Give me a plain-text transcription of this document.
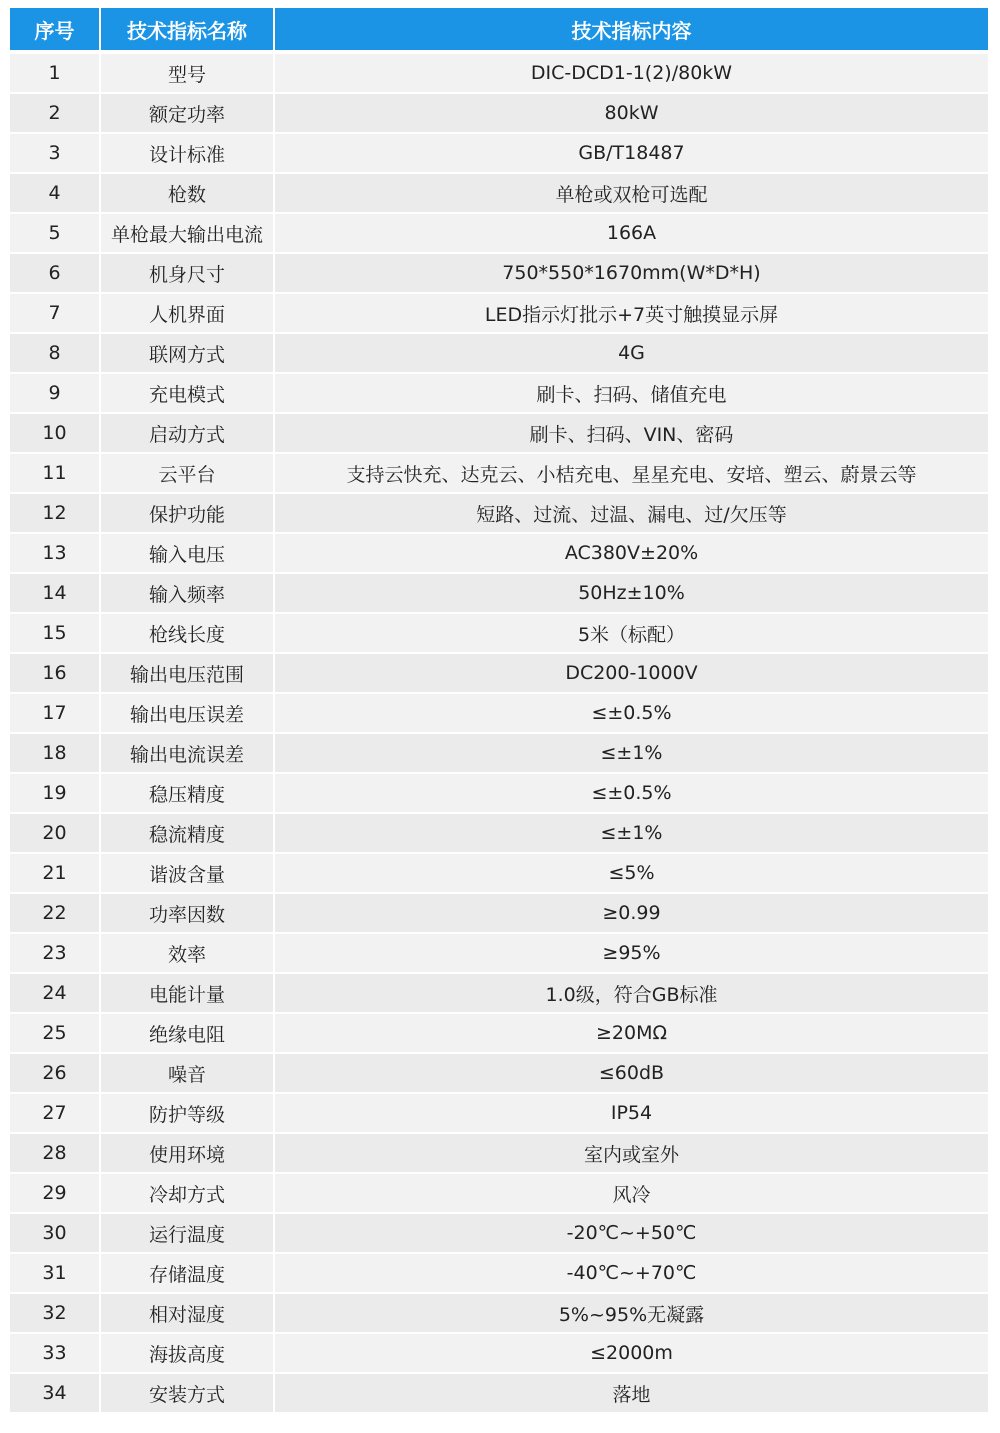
序号	技术指标名称	技术指标内容
1	型号	DIC-DCD1-1(2)/80kW
2	额定功率	80kW
3	设计标准	GB/T18487
4	枪数	单枪或双枪可选配
5	单枪最大输出电流	166A
6	机身尺寸	750*550*1670mm(W*D*H)
7	人机界面	LED指示灯批示+7英寸触摸显示屏
8	联网方式	4G
9	充电模式	刷卡、扫码、储值充电
10	启动方式	刷卡、扫码、VIN、密码
11	云平台	支持云快充、达克云、小桔充电、星星充电、安培、塑云、蔚景云等
12	保护功能	短路、过流、过温、漏电、过/欠压等
13	输入电压	AC380V±20%
14	输入频率	50Hz±10%
15	枪线长度	5米（标配）
16	输出电压范围	DC200-1000V
17	输出电压误差	≤±0.5%
18	输出电流误差	≤±1%
19	稳压精度	≤±0.5%
20	稳流精度	≤±1%
21	谐波含量	≤5%
22	功率因数	≥0.99
23	效率	≥95%
24	电能计量	1.0级，符合GB标准
25	绝缘电阻	≥20MΩ
26	噪音	≤60dB
27	防护等级	IP54
28	使用环境	室内或室外
29	冷却方式	风冷
30	运行温度	-20℃~+50℃
31	存储温度	-40℃~+70℃
32	相对湿度	5%~95%无凝露
33	海拔高度	≤2000m
34	安装方式	落地
